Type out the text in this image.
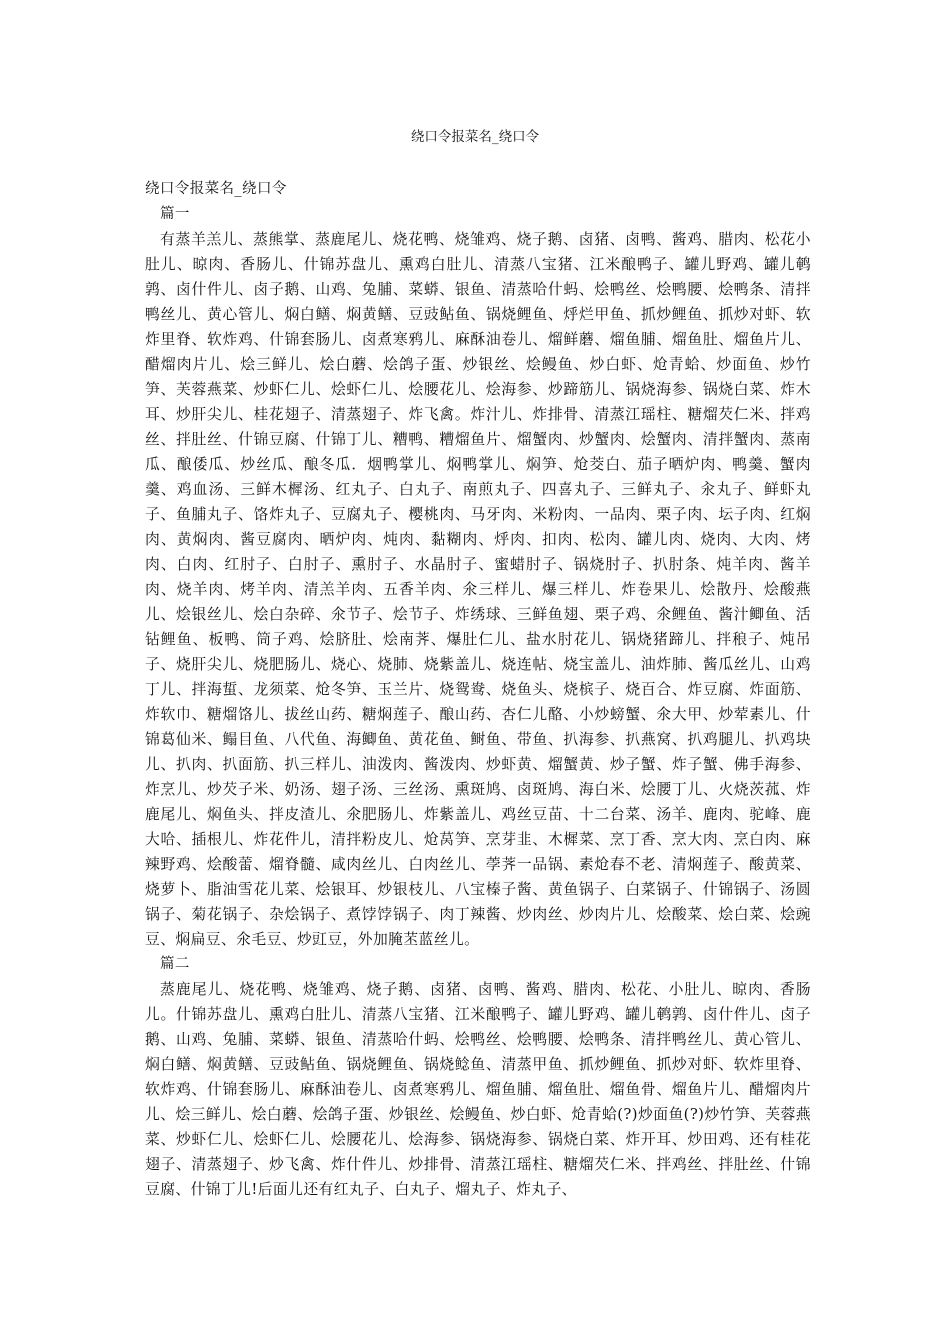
绕口令报菜名_绕口令
绕口令报菜名_绕口令
篇一

有蒸羊羔儿、蒸熊掌、蒸鹿尾儿、烧花鸭、烧雏鸡、烧子鹅、卤猪、卤鸭、酱鸡、腊肉、松花小肚儿、晾肉、香肠儿、什锦苏盘儿、熏鸡白肚儿、清蒸八宝猪、江米酿鸭子、罐儿野鸡、罐儿鹌鹑、卤什件儿、卤子鹅、山鸡、兔脯、菜蟒、银鱼、清蒸哈什蚂、烩鸭丝、烩鸭腰、烩鸭条、清拌鸭丝儿、黄心管儿、焖白鳝、焖黄鳝、豆豉鲇鱼、锅烧鲤鱼、烀烂甲鱼、抓炒鲤鱼、抓炒对虾、软炸里脊、软炸鸡、什锦套肠儿、卤煮寒鸦儿、麻酥油卷儿、熘鲜蘑、熘鱼脯、熘鱼肚、熘鱼片儿、醋熘肉片儿、烩三鲜儿、烩白蘑、烩鸽子蛋、炒银丝、烩鳗鱼、炒白虾、炝青蛤、炒面鱼、炒竹笋、芙蓉燕菜、炒虾仁儿、烩虾仁儿、烩腰花儿、烩海参、炒蹄筋儿、锅烧海参、锅烧白菜、炸木耳、炒肝尖儿、桂花翅子、清蒸翅子、炸飞禽。炸汁儿、炸排骨、清蒸江瑶柱、糖熘芡仁米、拌鸡丝、拌肚丝、什锦豆腐、什锦丁儿、糟鸭、糟熘鱼片、熘蟹肉、炒蟹肉、烩蟹肉、清拌蟹肉、蒸南瓜、酿倭瓜、炒丝瓜、酿冬瓜．烟鸭掌儿、焖鸭掌儿、焖笋、炝茭白、茄子晒炉肉、鸭羹、蟹肉羹、鸡血汤、三鲜木樨汤、红丸子、白丸子、南煎丸子、四喜丸子、三鲜丸子、汆丸子、鲜虾丸子、鱼脯丸子、饹炸丸子、豆腐丸子、樱桃肉、马牙肉、米粉肉、一品肉、栗子肉、坛子肉、红焖肉、黄焖肉、酱豆腐肉、晒炉肉、炖肉、黏糊肉、烀肉、扣肉、松肉、罐儿肉、烧肉、大肉、烤肉、白肉、红肘子、白肘子、熏肘子、水晶肘子、蜜蜡肘子、锅烧肘子、扒肘条、炖羊肉、酱羊肉、烧羊肉、烤羊肉、清羔羊肉、五香羊肉、氽三样儿、爆三样儿、炸卷果儿、烩散丹、烩酸燕儿、烩银丝儿、烩白杂碎、氽节子、烩节子、炸绣球、三鲜鱼翅、栗子鸡、氽鲤鱼、酱汁鲫鱼、活钻鲤鱼、板鸭、筒子鸡、烩脐肚、烩南荠、爆肚仁儿、盐水肘花儿、锅烧猪蹄儿、拌稂子、炖吊子、烧肝尖儿、烧肥肠儿、烧心、烧肺、烧紫盖儿、烧连帖、烧宝盖儿、油炸肺、酱瓜丝儿、山鸡丁儿、拌海蜇、龙须菜、炝冬笋、玉兰片、烧鸳鸯、烧鱼头、烧槟子、烧百合、炸豆腐、炸面筋、炸软巾、糖熘饹儿、拔丝山药、糖焖莲子、酿山药、杏仁儿酪、小炒螃蟹、氽大甲、炒荤素儿、什锦葛仙米、鳎目鱼、八代鱼、海鲫鱼、黄花鱼、鲥鱼、带鱼、扒海参、扒燕窝、扒鸡腿儿、扒鸡块儿、扒肉、扒面筋、扒三样儿、油泼肉、酱泼肉、炒虾黄、熘蟹黄、炒子蟹、炸子蟹、佛手海参、炸烹儿、炒芡子米、奶汤、翅子汤、三丝汤、熏斑鸠、卤斑鸠、海白米、烩腰丁儿、火烧茨菰、炸鹿尾儿、焖鱼头、拌皮渣儿、氽肥肠儿、炸紫盖儿、鸡丝豆苗、十二台菜、汤羊、鹿肉、驼峰、鹿大哈、插根儿、炸花件儿，清拌粉皮儿、炝莴笋、烹芽韭、木樨菜、烹丁香、烹大肉、烹白肉、麻辣野鸡、烩酸蕾、熘脊髓、咸肉丝儿、白肉丝儿、荸荠一品锅、素炝春不老、清焖莲子、酸黄菜、烧萝卜、脂油雪花儿菜、烩银耳、炒银枝儿、八宝榛子酱、黄鱼锅子、白菜锅子、什锦锅子、汤圆锅子、菊花锅子、杂烩锅子、煮饽饽锅子、肉丁辣酱、炒肉丝、炒肉片儿、烩酸菜、烩白菜、烩豌豆、焖扁豆、氽毛豆、炒豇豆，外加腌苤蓝丝儿。

篇二

蒸鹿尾儿、烧花鸭、烧雏鸡、烧子鹅、卤猪、卤鸭、酱鸡、腊肉、松花、小肚儿、晾肉、香肠儿。什锦苏盘儿、熏鸡白肚儿、清蒸八宝猪、江米酿鸭子、罐儿野鸡、罐儿鹌鹑、卤什件儿、卤子鹅、山鸡、兔脯、菜蟒、银鱼、清蒸哈什蚂、烩鸭丝、烩鸭腰、烩鸭条、清拌鸭丝儿、黄心管儿、焖白鳝、焖黄鳝、豆豉鲇鱼、锅烧鲤鱼、锅烧鲶鱼、清蒸甲鱼、抓炒鲤鱼、抓炒对虾、软炸里脊、软炸鸡、什锦套肠儿、麻酥油卷儿、卤煮寒鸦儿、熘鱼脯、熘鱼肚、熘鱼骨、熘鱼片儿、醋熘肉片儿、烩三鲜儿、烩白蘑、烩鸽子蛋、炒银丝、烩鳗鱼、炒白虾、炝青蛤(?)炒面鱼(?)炒竹笋、芙蓉燕菜、炒虾仁儿、烩虾仁儿、烩腰花儿、烩海参、锅烧海参、锅烧白菜、炸开耳、炒田鸡、还有桂花翅子、清蒸翅子、炒飞禽、炸什件儿、炒排骨、清蒸江瑶柱、糖熘芡仁米、拌鸡丝、拌肚丝、什锦豆腐、什锦丁儿!后面儿还有红丸子、白丸子、熘丸子、炸丸子、
